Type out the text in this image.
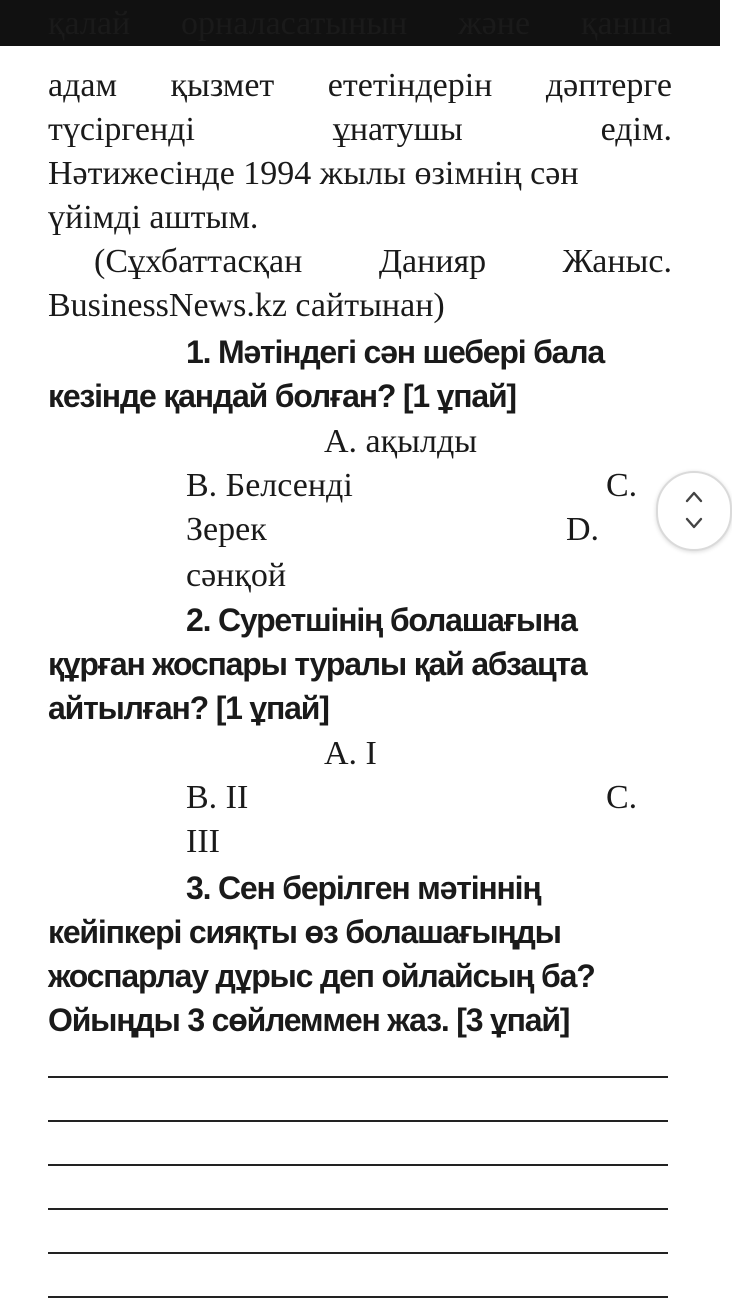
қалай орналасатынын және қанша
адам қызмет ететіндерін дәптерге
түсіргенді	ұнатушы	едім.
Нәтижесінде 1994 жылы өзімнің сән
үйімді аштым.
(Сұхбаттасқан Данияр Жаныс.
BusinessNews.kz сайтынан)
1. Мәтіндегі сән шебері бала
кезінде қандай болған? [1 ұпай]
A. ақылды
B. Белсенді	C.
Зерек	D.
сәнқой
2. Суретшінің болашағына
құрған жоспары туралы қай абзацта
айтылған? [1 ұпай]
A. I
B. II	C.
III
3. Сен берілген мәтіннің
кейіпкері сияқты өз болашағыңды
жоспарлау дұрыс деп ойлайсың ба?
Ойыңды 3 сөйлеммен жаз. [3 ұпай]
